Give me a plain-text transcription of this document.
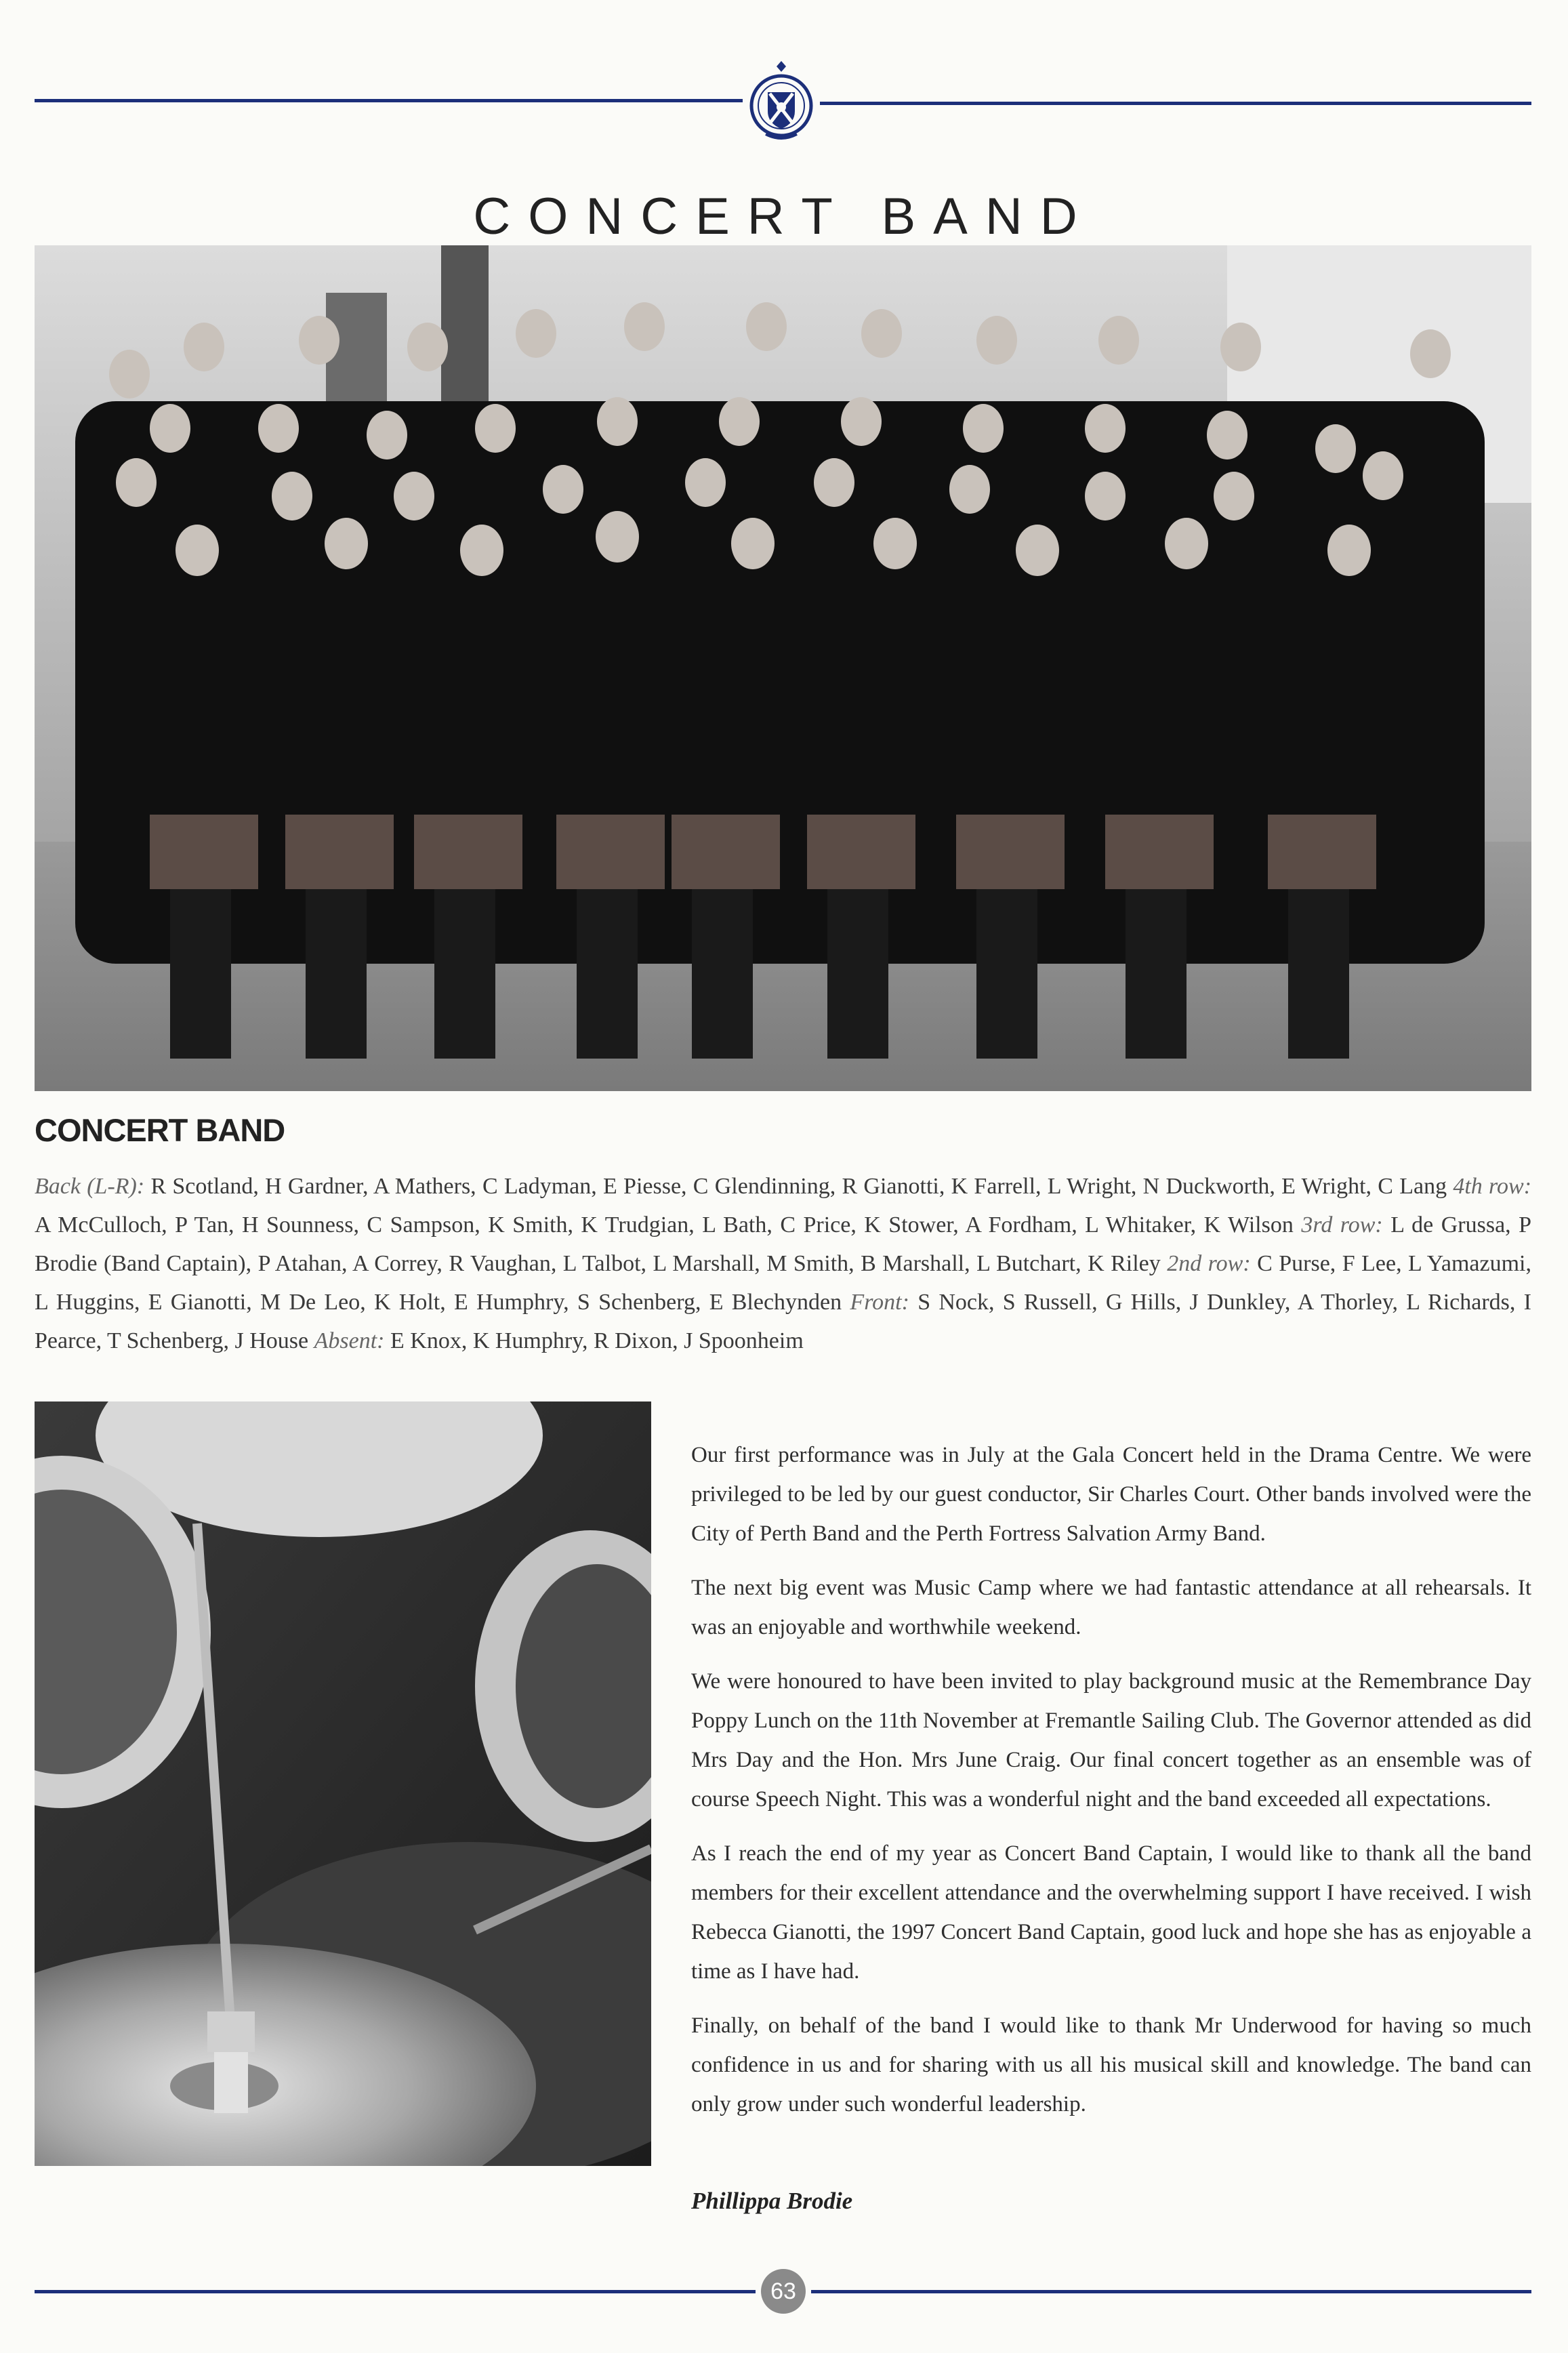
CONCERT BAND
CONCERT BAND
Back (L-R): R Scotland, H Gardner, A Mathers, C Ladyman, E Piesse, C Glendinning, R Gianotti, K Farrell, L Wright, N Duckworth, E Wright, C Lang 4th row: A McCulloch, P Tan, H Sounness, C Sampson, K Smith, K Trudgian, L Bath, C Price, K Stower, A Fordham, L Whitaker, K Wilson 3rd row: L de Grussa, P Brodie (Band Captain), P Atahan, A Correy, R Vaughan, L Talbot, L Marshall, M Smith, B Marshall, L Butchart, K Riley 2nd row: C Purse, F Lee, L Yamazumi, L Huggins, E Gianotti, M De Leo, K Holt, E Humphry, S Schenberg, E Blechynden Front: S Nock, S Russell, G Hills, J Dunkley, A Thorley, L Richards, I Pearce, T Schenberg, J House Absent: E Knox, K Humphry, R Dixon, J Spoonheim

Our first performance was in July at the Gala Concert held in the Drama Centre. We were privileged to be led by our guest conductor, Sir Charles Court. Other bands involved were the City of Perth Band and the Perth Fortress Salvation Army Band.

The next big event was Music Camp where we had fantastic attendance at all rehearsals. It was an enjoyable and worthwhile weekend.

We were honoured to have been invited to play background music at the Remembrance Day Poppy Lunch on the 11th November at Fremantle Sailing Club. The Governor attended as did Mrs Day and the Hon. Mrs June Craig. Our final concert together as an ensemble was of course Speech Night. This was a wonderful night and the band exceeded all expectations.

As I reach the end of my year as Concert Band Captain, I would like to thank all the band members for their excellent attendance and the overwhelming support I have received. I wish Rebecca Gianotti, the 1997 Concert Band Captain, good luck and hope she has as enjoyable a time as I have had.

Finally, on behalf of the band I would like to thank Mr Underwood for having so much confidence in us and for sharing with us all his musical skill and knowledge. The band can only grow under such wonderful leadership.

Phillippa Brodie
63
